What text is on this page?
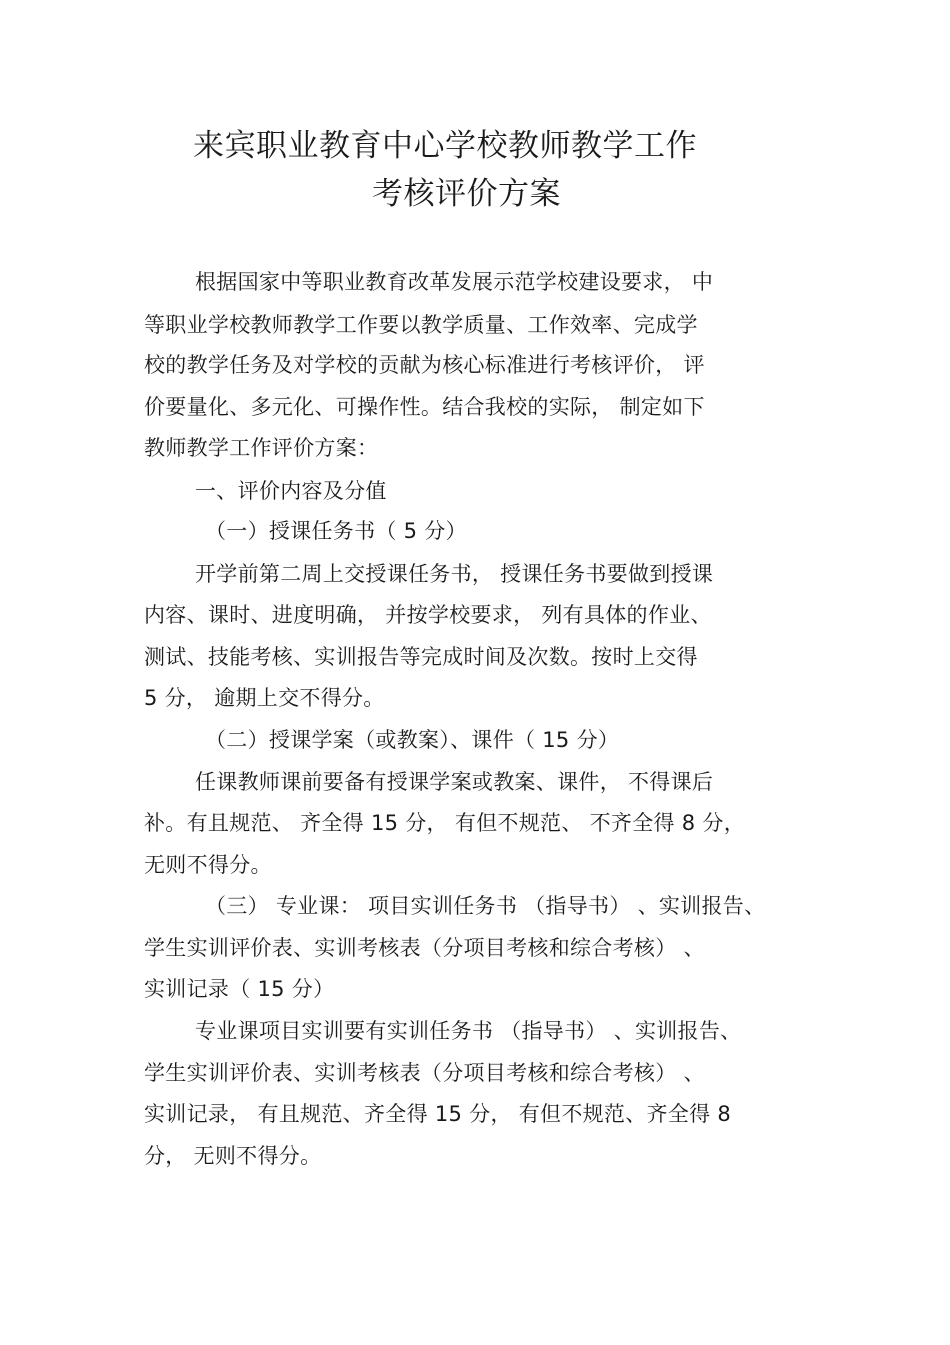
来宾职业教育中心学校教师教学工作
考核评价方案
根据国家中等职业教育改革发展示范学校建设要求， 中
等职业学校教师教学工作要以教学质量、工作效率、完成学
校的教学任务及对学校的贡献为核心标准进行考核评价， 评
价要量化、多元化、可操作性。结合我校的实际， 制定如下
教师教学工作评价方案：
一、评价内容及分值
（一）授课任务书（ 5 分）
开学前第二周上交授课任务书， 授课任务书要做到授课
内容、课时、进度明确， 并按学校要求， 列有具体的作业、
测试、技能考核、实训报告等完成时间及次数。按时上交得
5 分， 逾期上交不得分。
（二）授课学案（或教案）、课件（ 15 分）
任课教师课前要备有授课学案或教案、课件， 不得课后
补。有且规范、 齐全得 15 分， 有但不规范、 不齐全得 8 分，
无则不得分。
（三） 专业课： 项目实训任务书 （指导书） 、实训报告、
学生实训评价表、实训考核表（分项目考核和综合考核） 、
实训记录（ 15 分）
专业课项目实训要有实训任务书 （指导书） 、实训报告、
学生实训评价表、实训考核表（分项目考核和综合考核） 、
实训记录， 有且规范、齐全得 15 分， 有但不规范、齐全得 8
分， 无则不得分。
